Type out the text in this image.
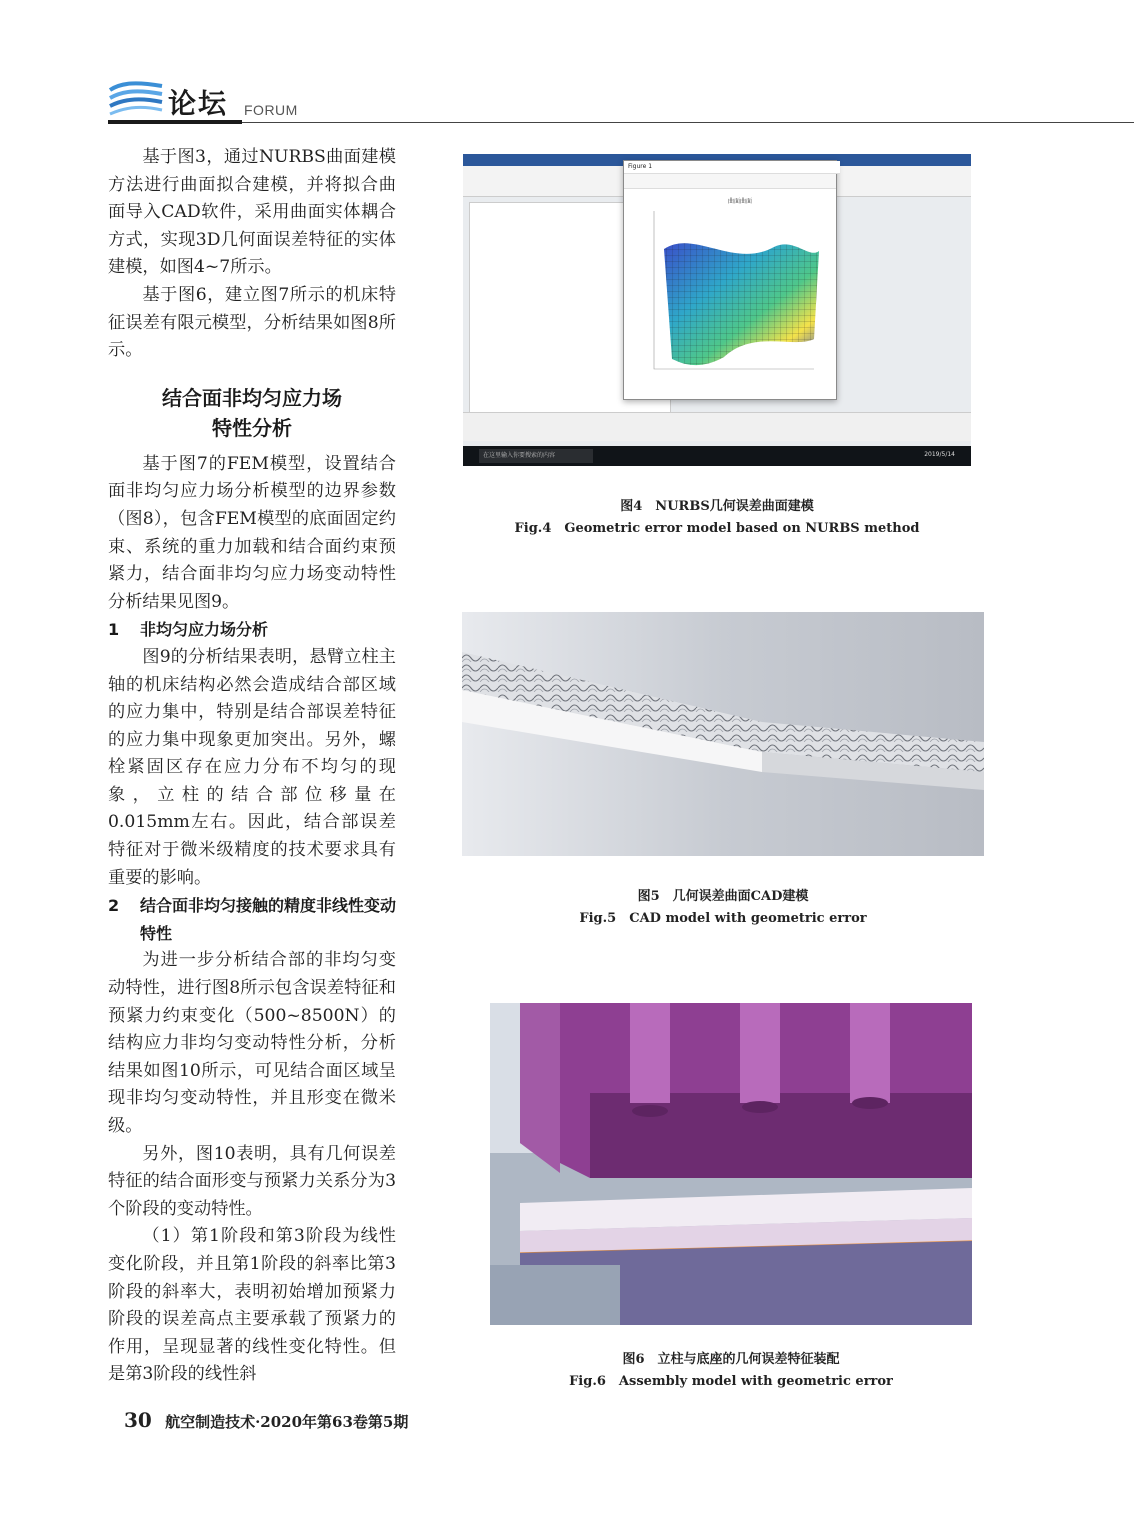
论坛 FORUM

基于图3，通过NURBS曲面建模方法进行曲面拟合建模，并将拟合曲面导入CAD软件，采用曲面实体耦合方式，实现3D几何面误差特征的实体建模，如图4~7所示。

基于图6，建立图7所示的机床特征误差有限元模型，分析结果如图8所示。

结合面非均匀应力场
特性分析

基于图7的FEM模型，设置结合面非均匀应力场分析模型的边界参数（图8），包含FEM模型的底面固定约束、系统的重力加载和结合面约束预紧力，结合面非均匀应力场变动特性分析结果见图9。

1 非均匀应力场分析

图9的分析结果表明，悬臂立柱主轴的机床结构必然会造成结合部区域的应力集中，特别是结合部误差特征的应力集中现象更加突出。另外，螺栓紧固区存在应力分布不均匀的现象，立柱的结合部位移量在0.015mm左右。因此，结合部误差特征对于微米级精度的技术要求具有重要的影响。

2 结合面非均匀接触的精度非线性变动特性

为进一步分析结合部的非均匀变动特性，进行图8所示包含误差特征和预紧力约束变化（500~8500N）的结构应力非均匀变动特性分析，分析结果如图10所示，可见结合面区域呈现非均匀变动特性，并且形变在微米级。

另外，图10表明，具有几何误差特征的结合面形变与预紧力关系分为3个阶段的变动特性。

（1）第1阶段和第3阶段为线性变化阶段，并且第1阶段的斜率比第3阶段的斜率大，表明初始增加预紧力阶段的误差高点主要承载了预紧力的作用，呈现显著的线性变化特性。但是第3阶段的线性斜

Figure 1
曲面曲面
在这里输入你要搜索的内容	2019/5/14
图4　NURBS几何误差曲面建模
Fig.4　Geometric error model based on NURBS method
图5　几何误差曲面CAD建模
Fig.5　CAD model with geometric error
图6　立柱与底座的几何误差特征装配
Fig.6　Assembly model with geometric error
30 航空制造技术·2020年第63卷第5期
